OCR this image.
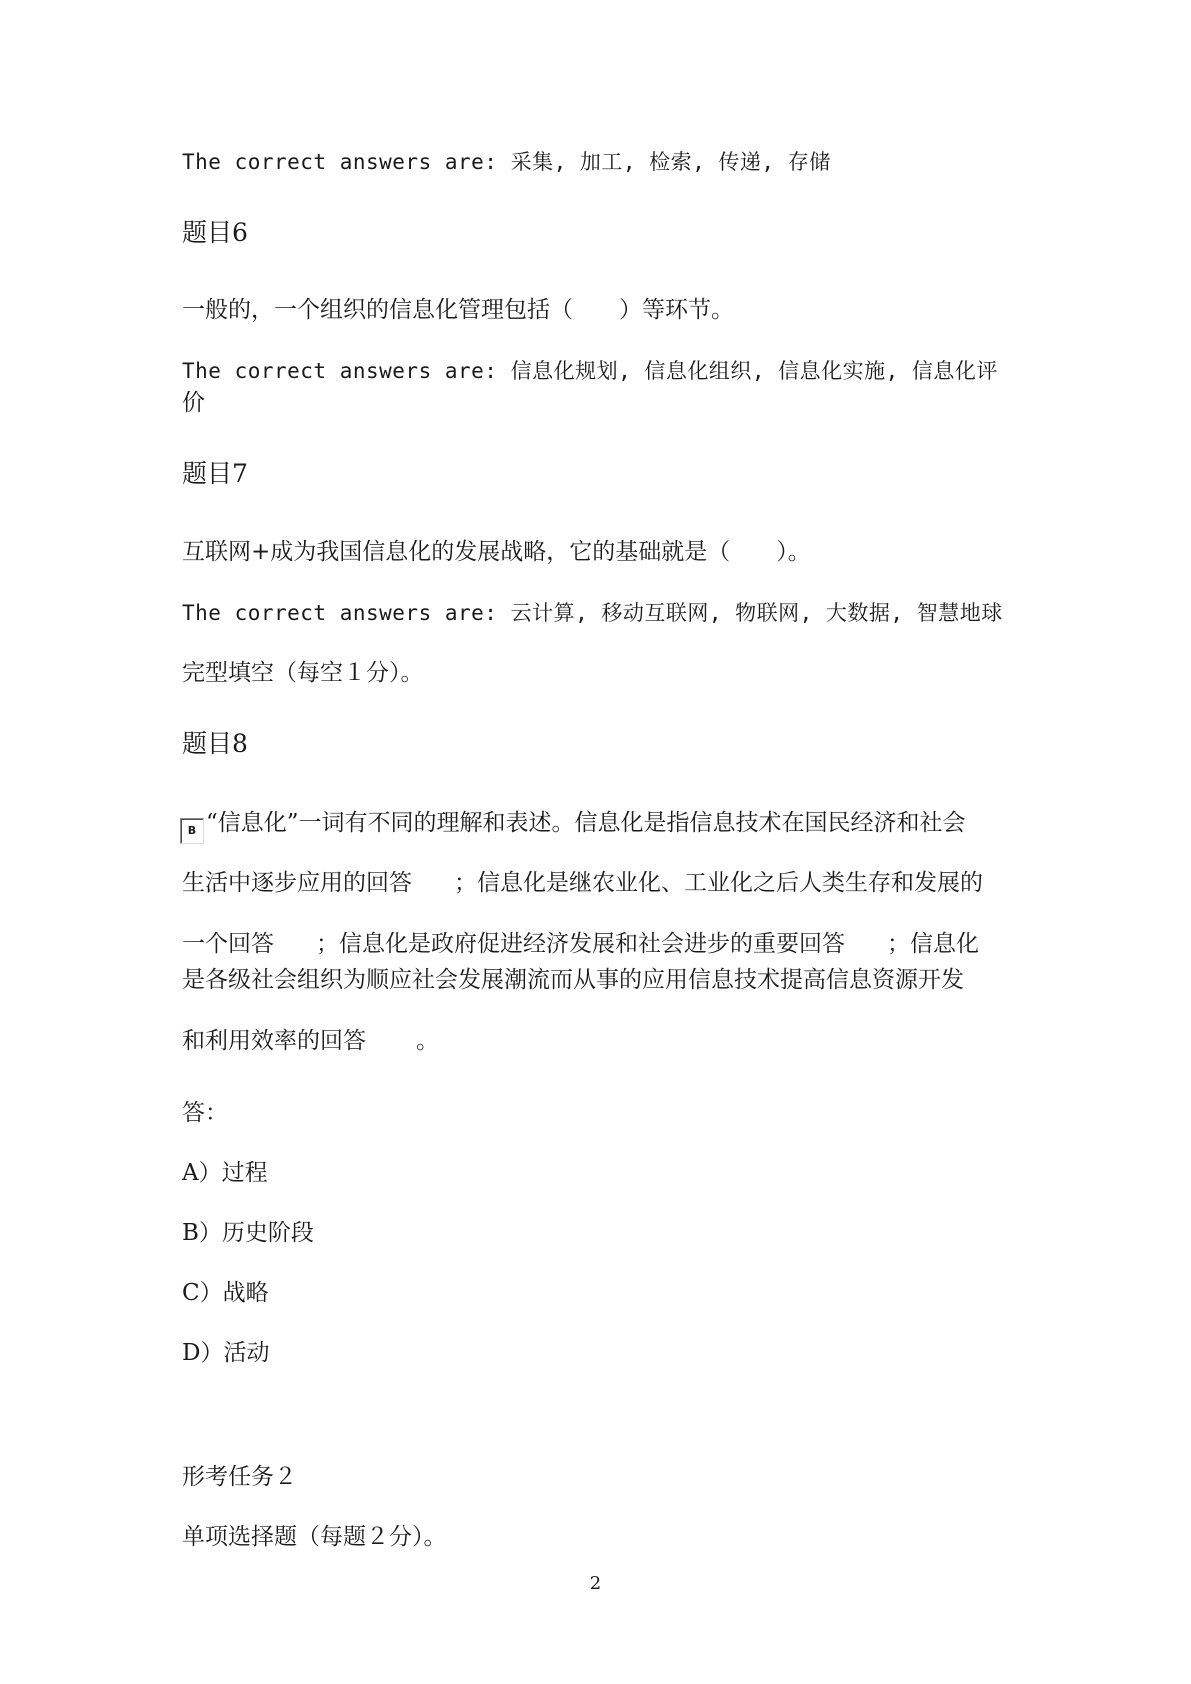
The correct answers are: 采集, 加工, 检索, 传递, 存储
题目6
一般的，一个组织的信息化管理包括（　　）等环节。
The correct answers are: 信息化规划, 信息化组织, 信息化实施, 信息化评
价
题目7
互联网+成为我国信息化的发展战略，它的基础就是（　　）。
The correct answers are: 云计算, 移动互联网, 物联网, 大数据, 智慧地球
完型填空（每空１分）。
题目8
B “信息化”一词有不同的理解和表述。信息化是指信息技术在国民经济和社会
生活中逐步应用的回答 ；信息化是继农业化、工业化之后人类生存和发展的
一个回答 ；信息化是政府促进经济发展和社会进步的重要回答 ；信息化
是各级社会组织为顺应社会发展潮流而从事的应用信息技术提高信息资源开发
和利用效率的回答 。
答：
A）过程
B）历史阶段
C）战略
D）活动
形考任务２
单项选择题（每题２分）。
2
